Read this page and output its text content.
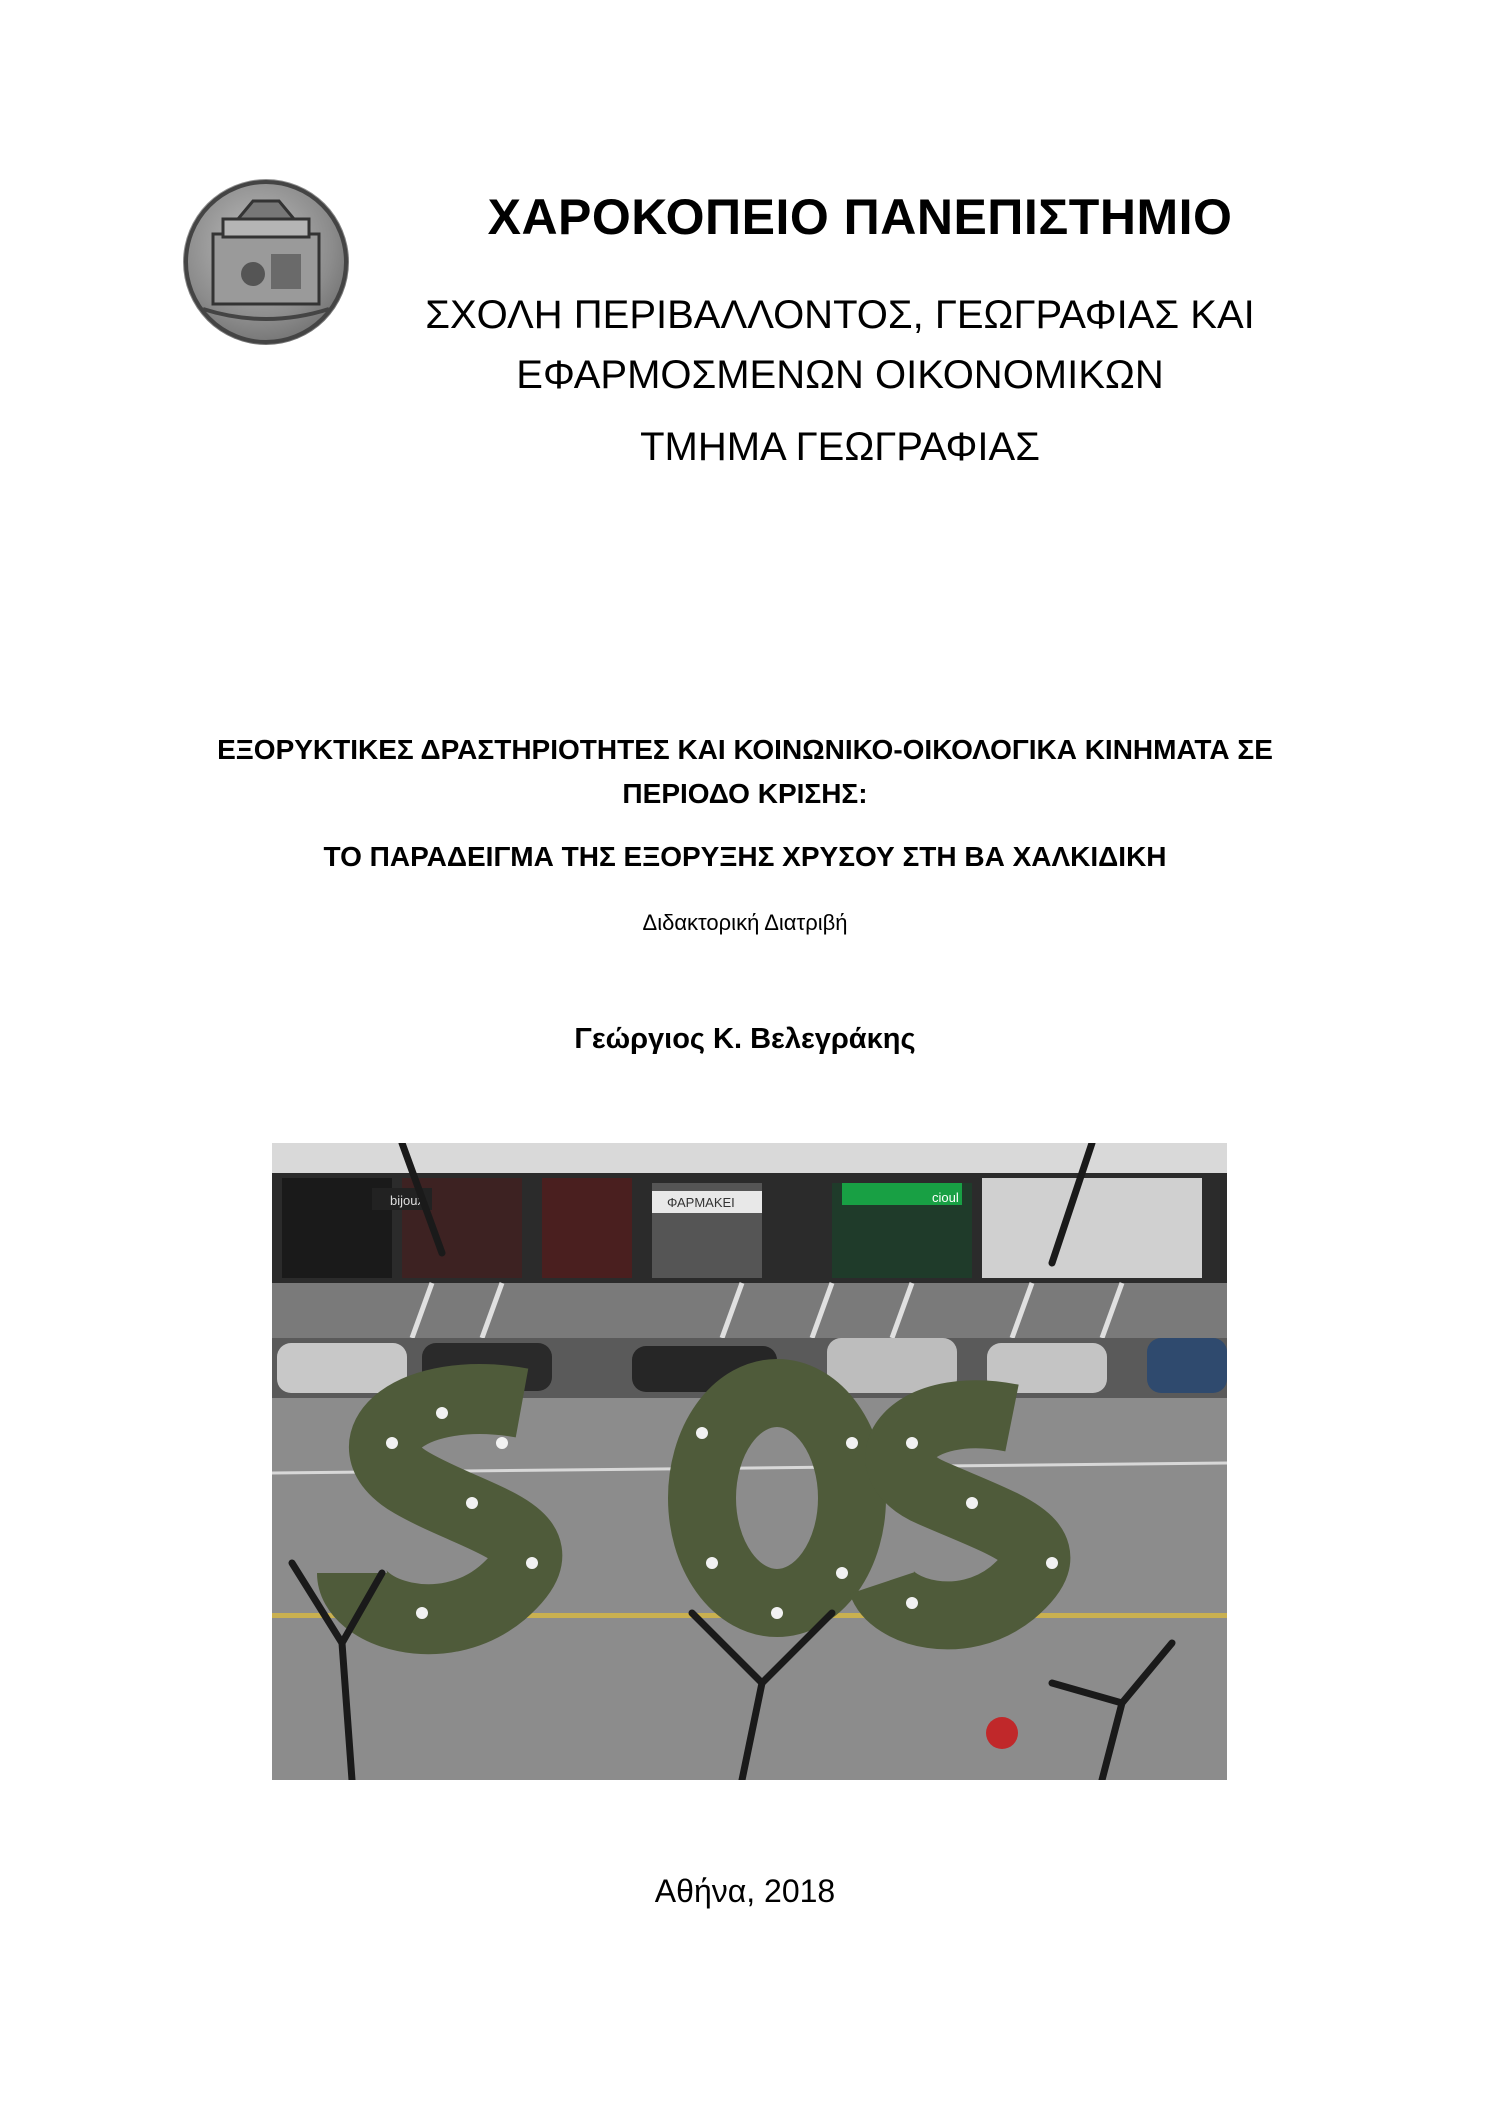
ΧΑΡΟΚΟΠΕΙΟ ΠΑΝΕΠΙΣΤΗΜΙΟ
ΣΧΟΛΗ ΠΕΡΙΒΑΛΛΟΝΤΟΣ, ΓΕΩΓΡΑΦΙΑΣ ΚΑΙ
ΕΦΑΡΜΟΣΜΕΝΩΝ ΟΙΚΟΝΟΜΙΚΩΝ
ΤΜΗΜΑ ΓΕΩΓΡΑΦΙΑΣ
ΕΞΟΡΥΚΤΙΚΕΣ ΔΡΑΣΤΗΡΙΟΤΗΤΕΣ ΚΑΙ ΚΟΙΝΩΝΙΚΟ-ΟΙΚΟΛΟΓΙΚΑ ΚΙΝΗΜΑΤΑ ΣΕ
ΠΕΡΙΟΔΟ ΚΡΙΣΗΣ:
ΤΟ ΠΑΡΑΔΕΙΓΜΑ ΤΗΣ ΕΞΟΡΥΞΗΣ ΧΡΥΣΟΥ ΣΤΗ ΒΑ ΧΑΛΚΙΔΙΚΗ
Διδακτορική Διατριβή
Γεώργιος Κ. Βελεγράκης
bijoux	ΦΑΡΜΑΚΕΙ	cioul
Αθήνα, 2018
